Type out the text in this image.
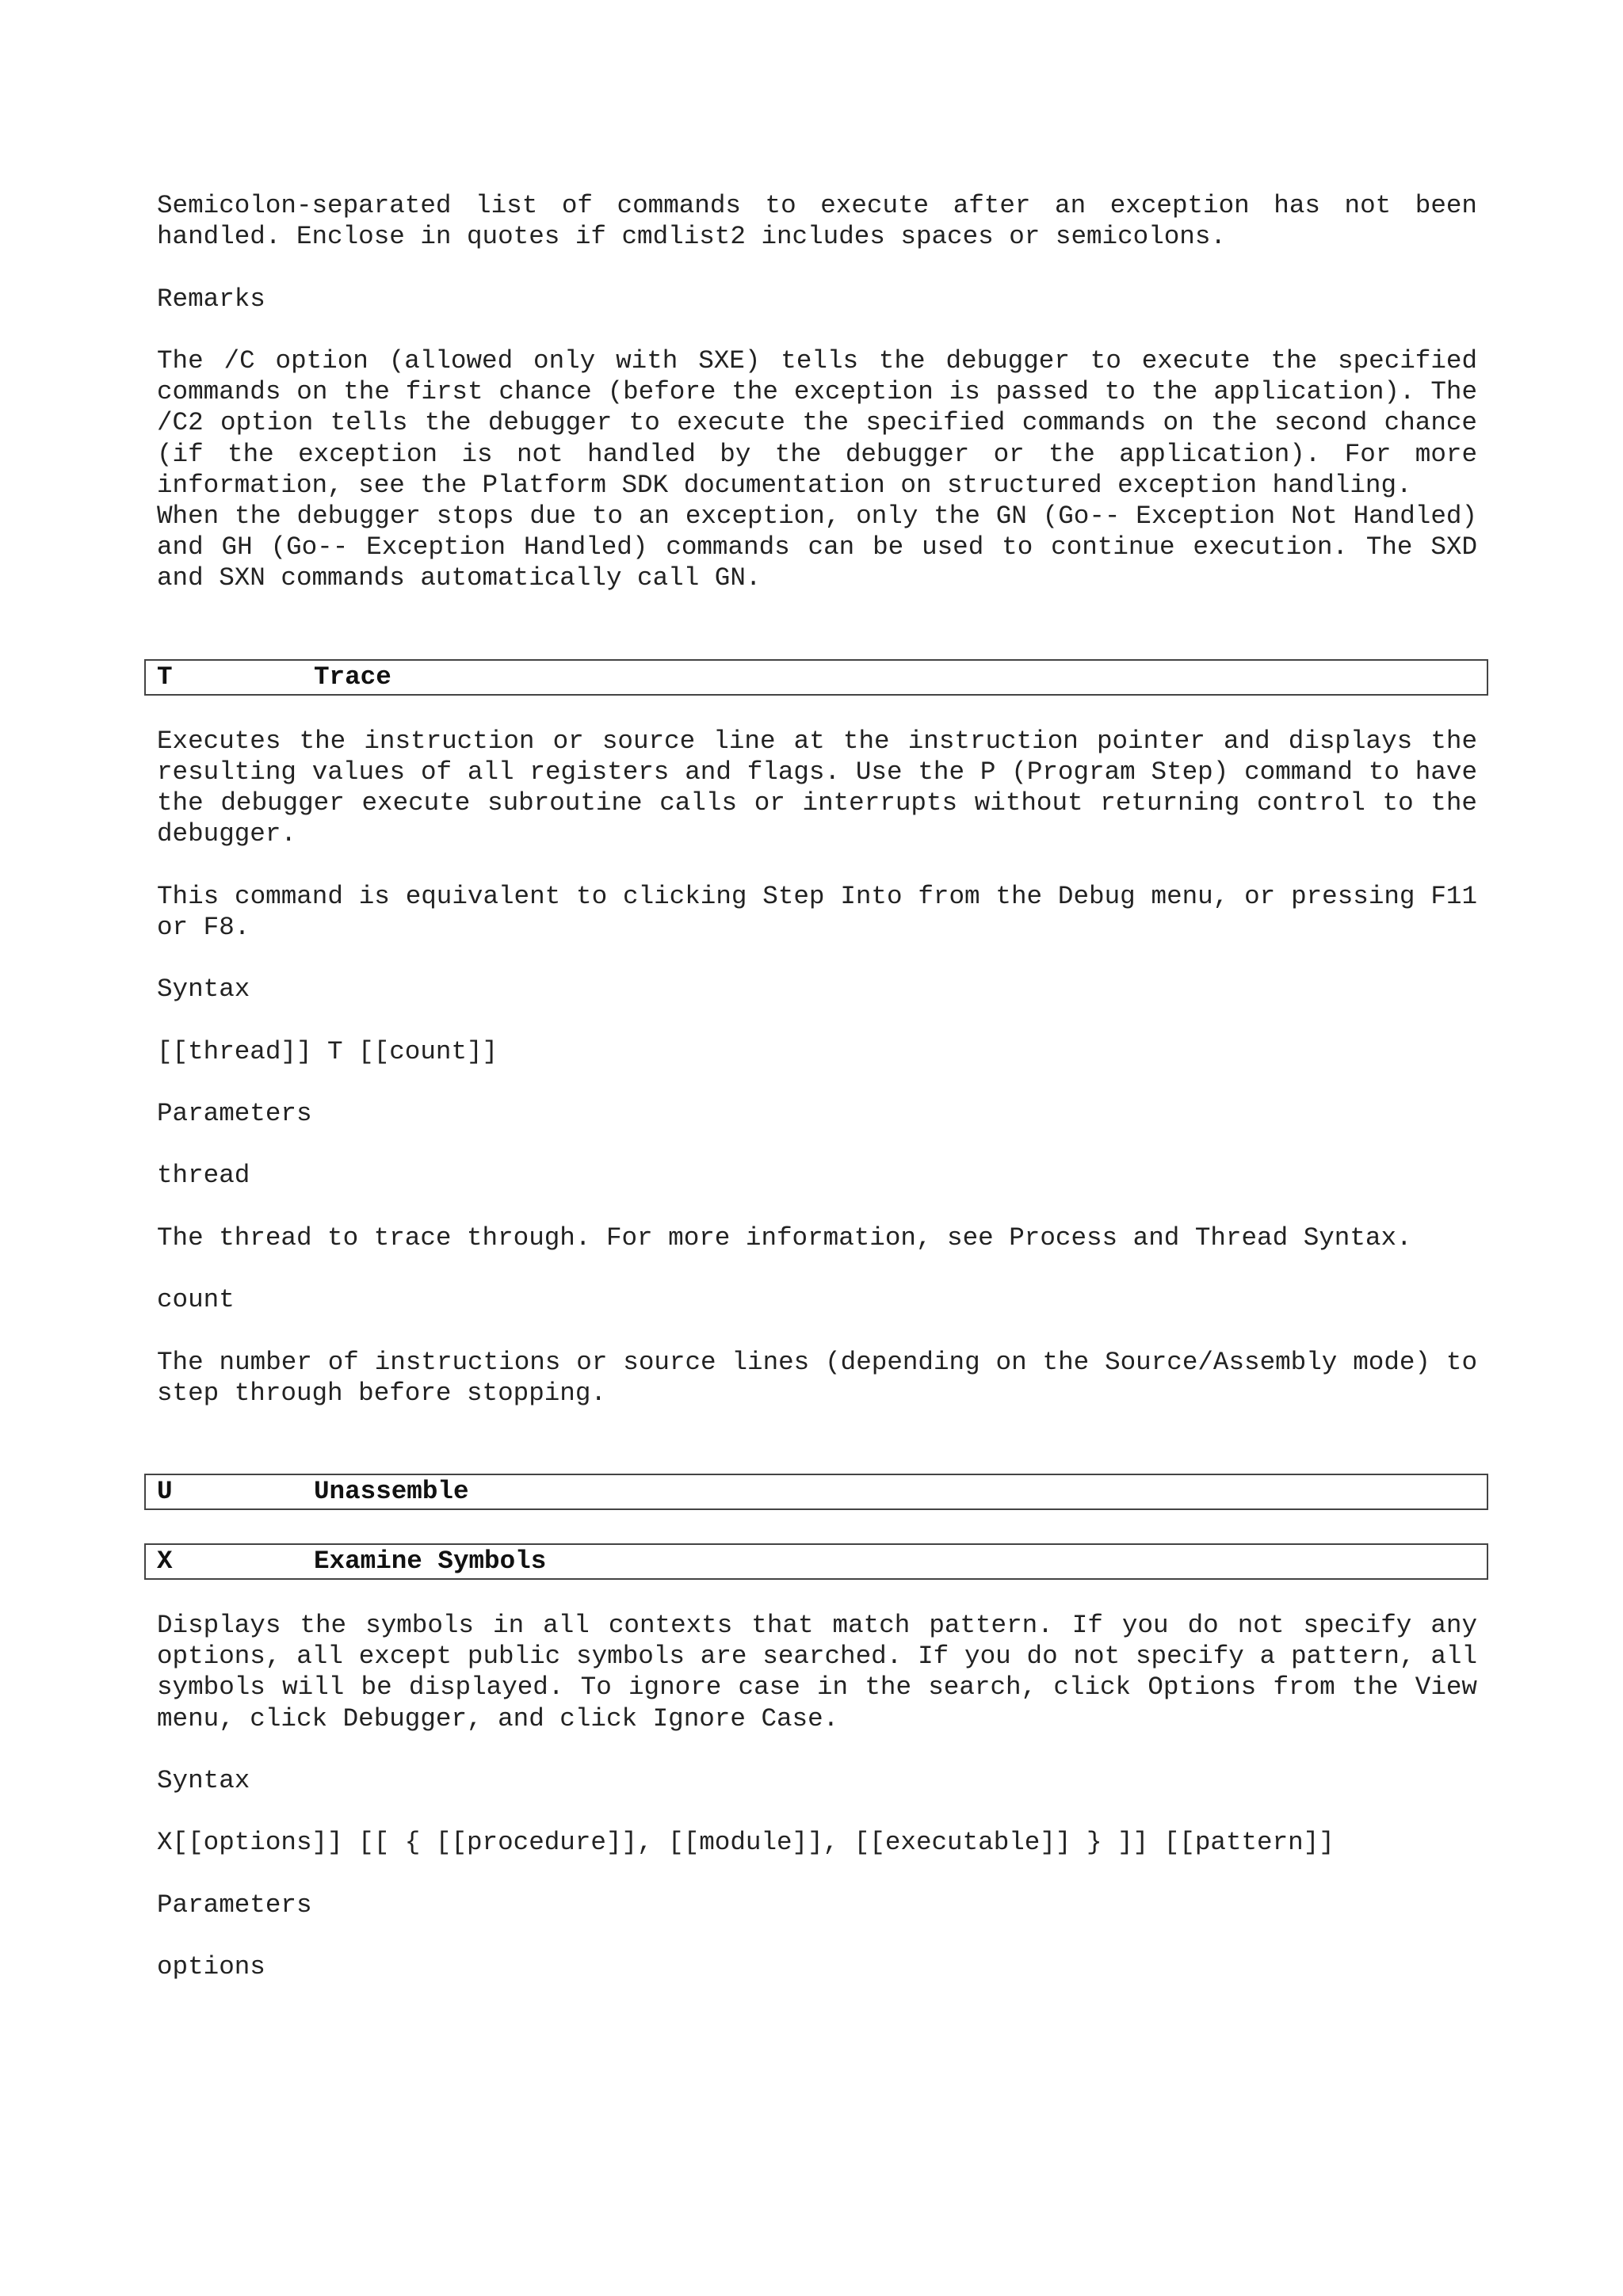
Semicolon-separated list of commands to execute after an exception has not been handled. Enclose in quotes if cmdlist2 includes spaces or semicolons.

Remarks

The /C option (allowed only with SXE) tells the debugger to execute the specified commands on the first chance (before the exception is passed to the application). The /C2 option tells the debugger to execute the specified commands on the second chance (if the exception is not handled by the debugger or the application). For more information, see the Platform SDK documentation on structured exception handling.

When the debugger stops due to an exception, only the GN (Go-- Exception Not Handled) and GH (Go-- Exception Handled) commands can be used to continue execution. The SXD and SXN commands automatically call GN.

T	Trace

Executes the instruction or source line at the instruction pointer and displays the resulting values of all registers and flags. Use the P (Program Step) command to have the debugger execute subroutine calls or interrupts without returning control to the debugger.

This command is equivalent to clicking Step Into from the Debug menu, or pressing F11 or F8.

Syntax

[[thread]] T [[count]]

Parameters

thread

The thread to trace through. For more information, see Process and Thread Syntax.

count

The number of instructions or source lines (depending on the Source/Assembly mode) to step through before stopping.

U	Unassemble
X	Examine Symbols

Displays the symbols in all contexts that match pattern. If you do not specify any options, all except public symbols are searched. If you do not specify a pattern, all symbols will be displayed. To ignore case in the search, click Options from the View menu, click Debugger, and click Ignore Case.

Syntax

X[[options]] [[ { [[procedure]], [[module]], [[executable]] } ]] [[pattern]]

Parameters

options
